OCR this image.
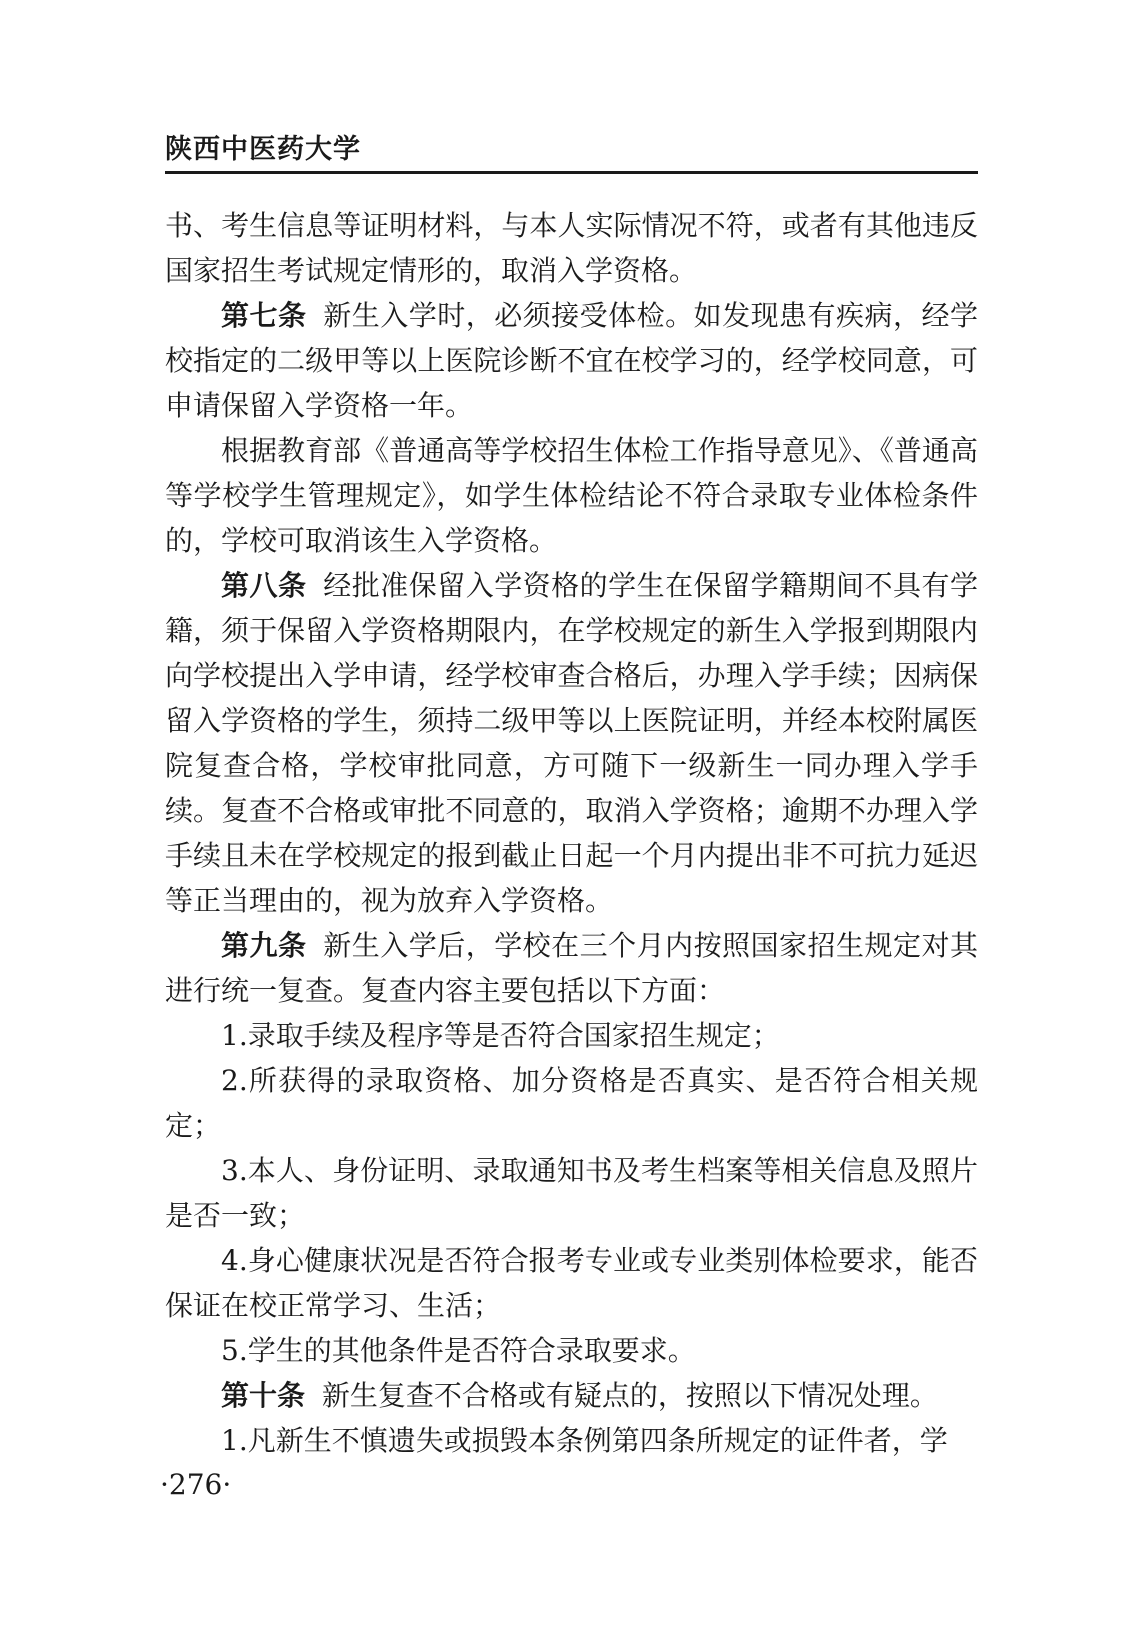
陕西中医药大学

书、考生信息等证明材料，与本人实际情况不符，或者有其他违反国家招生考试规定情形的，取消入学资格。

第七条 新生入学时，必须接受体检。如发现患有疾病，经学校指定的二级甲等以上医院诊断不宜在校学习的，经学校同意，可申请保留入学资格一年。

根据教育部《普通高等学校招生体检工作指导意见》、《普通高等学校学生管理规定》，如学生体检结论不符合录取专业体检条件的，学校可取消该生入学资格。

第八条 经批准保留入学资格的学生在保留学籍期间不具有学籍，须于保留入学资格期限内，在学校规定的新生入学报到期限内向学校提出入学申请，经学校审查合格后，办理入学手续；因病保留入学资格的学生，须持二级甲等以上医院证明，并经本校附属医院复查合格，学校审批同意，方可随下一级新生一同办理入学手续。复查不合格或审批不同意的，取消入学资格；逾期不办理入学手续且未在学校规定的报到截止日起一个月内提出非不可抗力延迟等正当理由的，视为放弃入学资格。

第九条 新生入学后，学校在三个月内按照国家招生规定对其进行统一复查。复查内容主要包括以下方面：

1.录取手续及程序等是否符合国家招生规定；

2.所获得的录取资格、加分资格是否真实、是否符合相关规定；

3.本人、身份证明、录取通知书及考生档案等相关信息及照片是否一致；

4.身心健康状况是否符合报考专业或专业类别体检要求，能否保证在校正常学习、生活；

5.学生的其他条件是否符合录取要求。

第十条 新生复查不合格或有疑点的，按照以下情况处理。

1.凡新生不慎遗失或损毁本条例第四条所规定的证件者，学

·276·
